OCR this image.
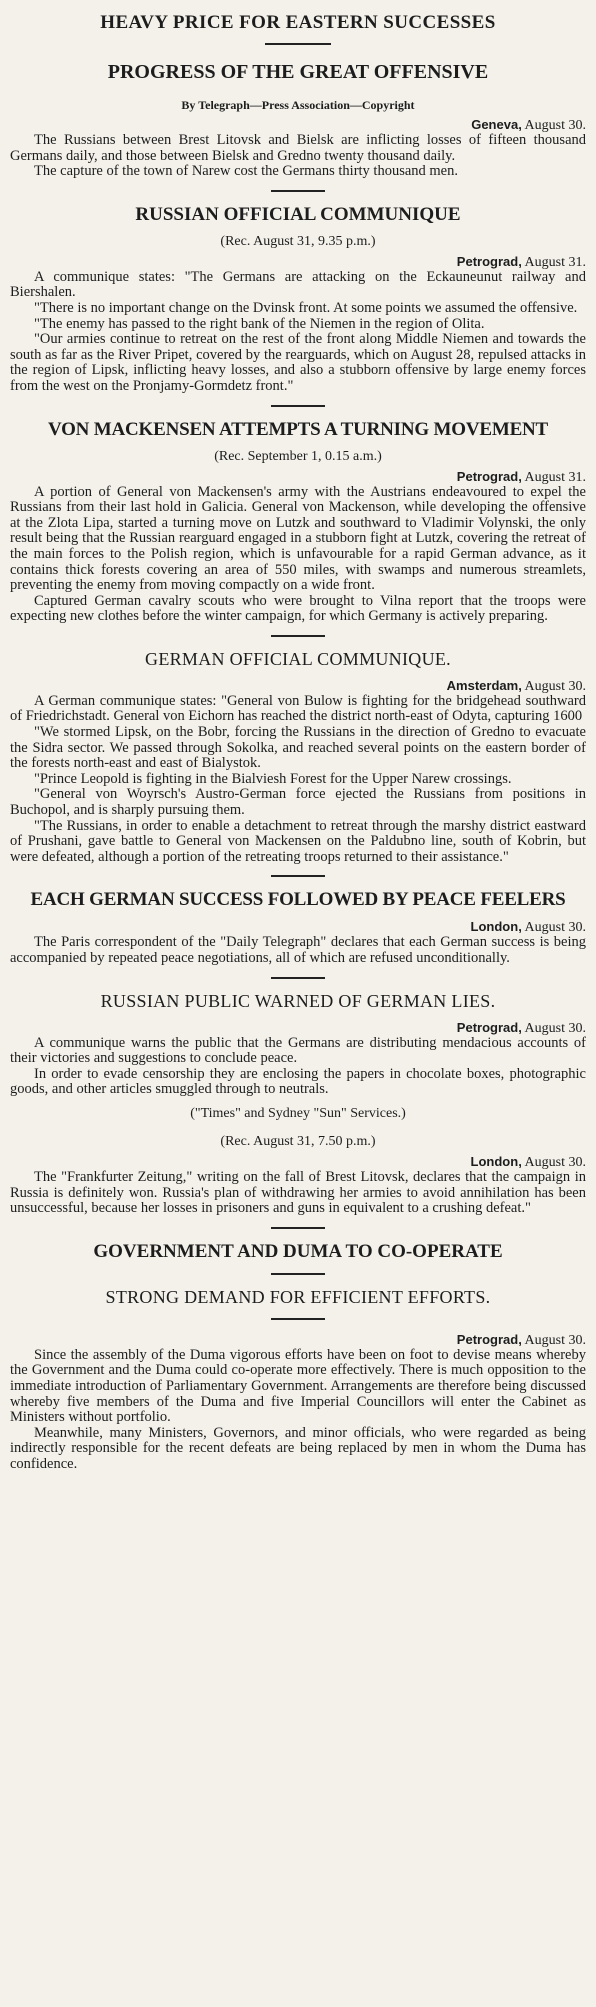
HEAVY PRICE FOR EASTERN SUCCESSES
PROGRESS OF THE GREAT OFFENSIVE
By Telegraph—Press Association—Copyright
Geneva, August 30.

The Russians between Brest Litovsk and Bielsk are inflicting losses of fifteen thousand Germans daily, and those between Bielsk and Gredno twenty thousand daily.

The capture of the town of Narew cost the Germans thirty thousand men.

RUSSIAN OFFICIAL COMMUNIQUE
(Rec. August 31, 9.35 p.m.)
Petrograd, August 31.

A communique states: "The Germans are attacking on the Eckauneunut railway and Biershalen.

"There is no important change on the Dvinsk front. At some points we assumed the offensive.

"The enemy has passed to the right bank of the Niemen in the region of Olita.

"Our armies continue to retreat on the rest of the front along Middle Niemen and towards the south as far as the River Pripet, covered by the rearguards, which on August 28, repulsed attacks in the region of Lipsk, inflicting heavy losses, and also a stubborn offensive by large enemy forces from the west on the Pronjamy-Gormdetz front."

VON MACKENSEN ATTEMPTS A TURNING MOVEMENT
(Rec. September 1, 0.15 a.m.)
Petrograd, August 31.

A portion of General von Mackensen's army with the Austrians endeavoured to expel the Russians from their last hold in Galicia. General von Mackenson, while developing the offensive at the Zlota Lipa, started a turning move on Lutzk and southward to Vladimir Volynski, the only result being that the Russian rearguard engaged in a stubborn fight at Lutzk, covering the retreat of the main forces to the Polish region, which is unfavourable for a rapid German advance, as it contains thick forests covering an area of 550 miles, with swamps and numerous streamlets, preventing the enemy from moving compactly on a wide front.

Captured German cavalry scouts who were brought to Vilna report that the troops were expecting new clothes before the winter campaign, for which Germany is actively preparing.

GERMAN OFFICIAL COMMUNIQUE.
Amsterdam, August 30.

A German communique states: "General von Bulow is fighting for the bridgehead southward of Friedrichstadt. General von Eichorn has reached the district north-east of Odyta, capturing 1600

"We stormed Lipsk, on the Bobr, forcing the Russians in the direction of Gredno to evacuate the Sidra sector. We passed through Sokolka, and reached several points on the eastern border of the forests north-east and east of Bialystok.

"Prince Leopold is fighting in the Bialviesh Forest for the Upper Narew crossings.

"General von Woyrsch's Austro-German force ejected the Russians from positions in Buchopol, and is sharply pursuing them.

"The Russians, in order to enable a detachment to retreat through the marshy district eastward of Prushani, gave battle to General von Mackensen on the Paldubno line, south of Kobrin, but were defeated, although a portion of the retreating troops returned to their assistance."

EACH GERMAN SUCCESS FOLLOWED BY PEACE FEELERS
London, August 30.

The Paris correspondent of the "Daily Telegraph" declares that each German success is being accompanied by repeated peace negotiations, all of which are refused unconditionally.

RUSSIAN PUBLIC WARNED OF GERMAN LIES.
Petrograd, August 30.

A communique warns the public that the Germans are distributing mendacious accounts of their victories and suggestions to conclude peace.

In order to evade censorship they are enclosing the papers in chocolate boxes, photographic goods, and other articles smuggled through to neutrals.

("Times" and Sydney "Sun" Services.)
(Rec. August 31, 7.50 p.m.)
London, August 30.

The "Frankfurter Zeitung," writing on the fall of Brest Litovsk, declares that the campaign in Russia is definitely won. Russia's plan of withdrawing her armies to avoid annihilation has been unsuccessful, because her losses in prisoners and guns in equivalent to a crushing defeat."

GOVERNMENT AND DUMA TO CO-OPERATE
STRONG DEMAND FOR EFFICIENT EFFORTS.
Petrograd, August 30.

Since the assembly of the Duma vigorous efforts have been on foot to devise means whereby the Government and the Duma could co-operate more effectively. There is much opposition to the immediate introduction of Parliamentary Government. Arrangements are therefore being discussed whereby five members of the Duma and five Imperial Councillors will enter the Cabinet as Ministers without portfolio.

Meanwhile, many Ministers, Governors, and minor officials, who were regarded as being indirectly responsible for the recent defeats are being replaced by men in whom the Duma has confidence.
